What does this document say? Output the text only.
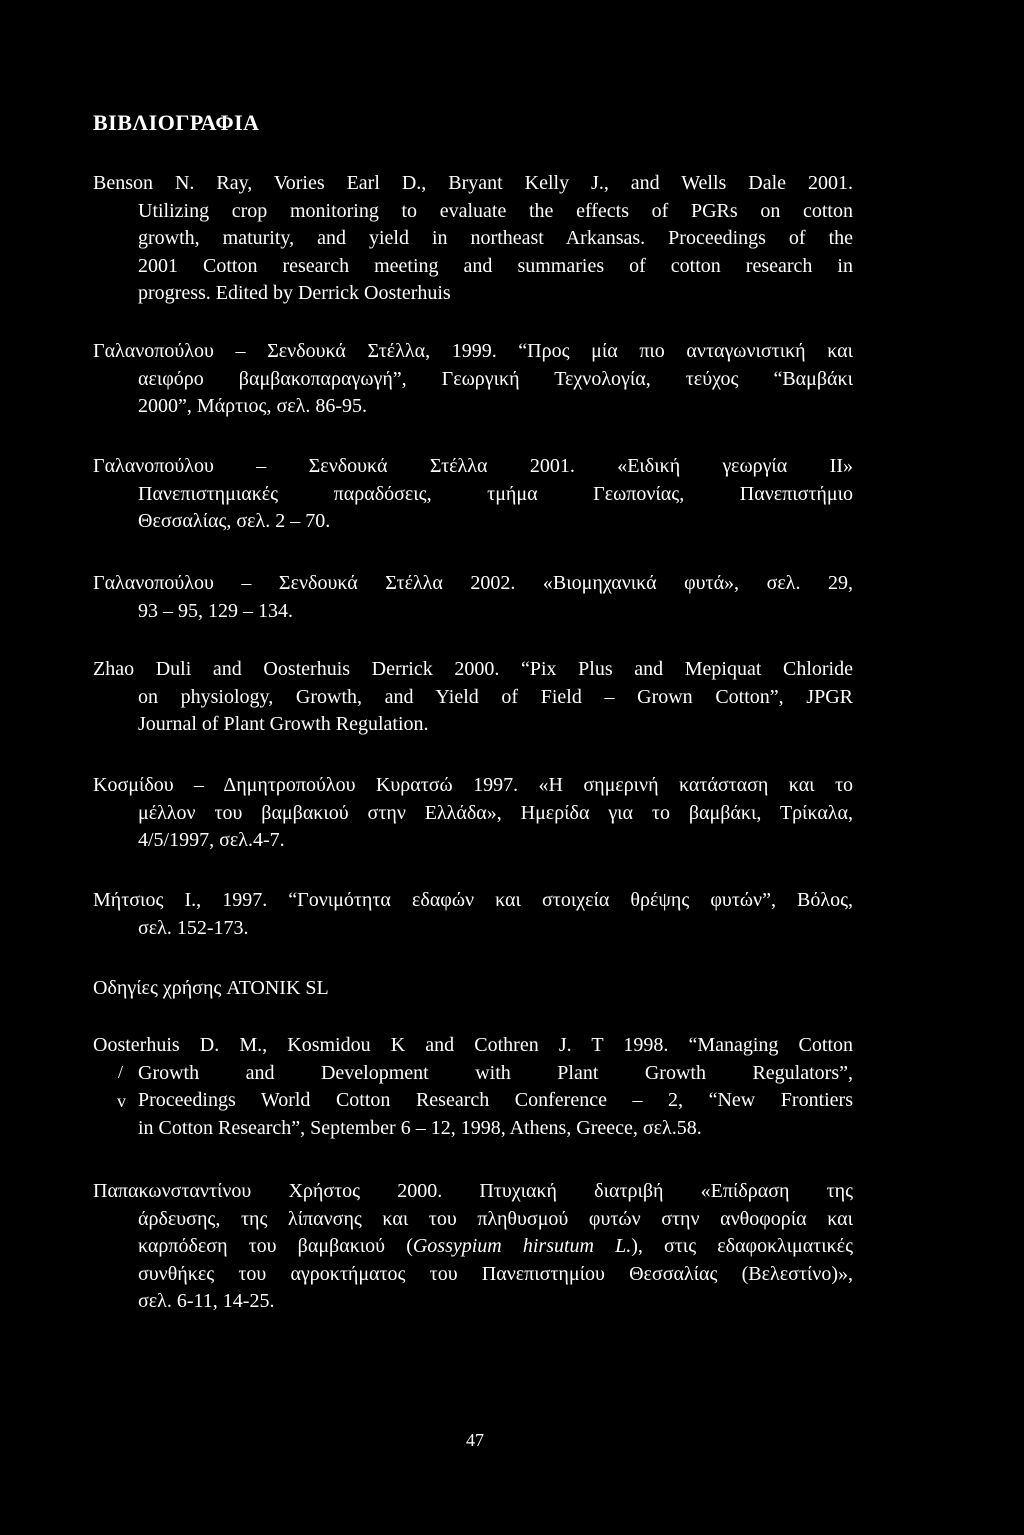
ΒΙΒΛΙΟΓΡΑΦΙΑ

Benson N. Ray, Vories Earl D., Bryant Kelly J., and Wells Dale 2001.
Utilizing crop monitoring to evaluate the effects of PGRs on cotton
growth, maturity, and yield in northeast Arkansas. Proceedings of the
2001 Cotton research meeting and summaries of cotton research in
progress. Edited by Derrick Oosterhuis

Γαλανοπούλου – Σενδουκά Στέλλα, 1999. “Προς μία πιο ανταγωνιστική και
αειφόρο βαμβακοπαραγωγή”, Γεωργική Τεχνολογία, τεύχος “Βαμβάκι
2000”, Μάρτιος, σελ. 86-95.

Γαλανοπούλου – Σενδουκά Στέλλα 2001. «Ειδική γεωργία ΙΙ»
Πανεπιστημιακές παραδόσεις, τμήμα Γεωπονίας, Πανεπιστήμιο
Θεσσαλίας, σελ. 2 – 70.

Γαλανοπούλου – Σενδουκά Στέλλα 2002. «Βιομηχανικά φυτά», σελ. 29,
93 – 95, 129 – 134.

Zhao Duli and Oosterhuis Derrick 2000. “Pix Plus and Mepiquat Chloride
on physiology, Growth, and Yield of Field – Grown Cotton”, JPGR
Journal of Plant Growth Regulation.

Κοσμίδου – Δημητροπούλου Κυρατσώ 1997. «Η σημερινή κατάσταση και το
μέλλον του βαμβακιού στην Ελλάδα», Ημερίδα για το βαμβάκι, Τρίκαλα,
4/5/1997, σελ.4-7.

Μήτσιος Ι., 1997. “Γονιμότητα εδαφών και στοιχεία θρέψης φυτών”, Βόλος,
σελ. 152-173.

Οδηγίες χρήσης ATONIK SL

Oosterhuis D. M., Kosmidou K and Cothren J. T 1998. “Managing Cotton
Growth and Development with Plant Growth Regulators”,
Proceedings World Cotton Research Conference – 2, “New Frontiers
in Cotton Research”, September 6 – 12, 1998, Athens, Greece, σελ.58.

/
v

Παπακωνσταντίνου Χρήστος 2000. Πτυχιακή διατριβή «Επίδραση της
άρδευσης, της λίπανσης και του πληθυσμού φυτών στην ανθοφορία και
καρπόδεση του βαμβακιού (Gossypium hirsutum L.), στις εδαφοκλιματικές
συνθήκες του αγροκτήματος του Πανεπιστημίου Θεσσαλίας (Βελεστίνο)»,
σελ. 6-11, 14-25.

47
